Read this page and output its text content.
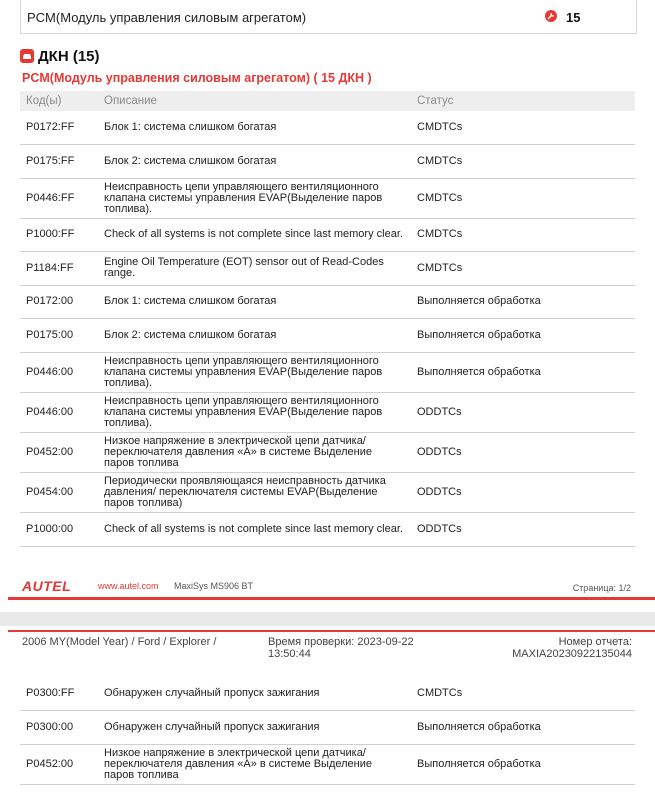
PCM(Модуль управления силовым агрегатом)	15
ДКН (15)
PCM(Модуль управления силовым агрегатом) ( 15 ДКН )
Код(ы)	Описание	Статус
P0172:FF	Блок 1: система слишком богатая	CMDTCs
P0175:FF	Блок 2: система слишком богатая	CMDTCs
P0446:FF	Неисправность цепи управляющего вентиляционного клапана системы управления EVAP(Выделение паров топлива).	CMDTCs
P1000:FF	Check of all systems is not complete since last memory clear.	CMDTCs
P1184:FF	Engine Oil Temperature (EOT) sensor out of Read-Codes range.	CMDTCs
P0172:00	Блок 1: система слишком богатая	Выполняется обработка
P0175:00	Блок 2: система слишком богатая	Выполняется обработка
P0446:00	Неисправность цепи управляющего вентиляционного клапана системы управления EVAP(Выделение паров топлива).	Выполняется обработка
P0446:00	Неисправность цепи управляющего вентиляционного клапана системы управления EVAP(Выделение паров топлива).	ODDTCs
P0452:00	Низкое напряжение в электрической цепи датчика/переключателя давления «A» в системе Выделение паров топлива	ODDTCs
P0454:00	Периодически проявляющаяся неисправность датчика давления/ переключателя системы EVAP(Выделение паров топлива)	ODDTCs
P1000:00	Check of all systems is not complete since last memory clear.	ODDTCs
AUTEL	www.autel.com MaxiSys MS906 BT	Страница: 1/2
2006 MY(Model Year) / Ford / Explorer /	Время проверки: 2023-09-22
13:50:44
Номер отчета:
MAXIA20230922135044
P0300:FF	Обнаружен случайный пропуск зажигания	CMDTCs
P0300:00	Обнаружен случайный пропуск зажигания	Выполняется обработка
P0452:00	Низкое напряжение в электрической цепи датчика/переключателя давления «A» в системе Выделение паров топлива	Выполняется обработка
